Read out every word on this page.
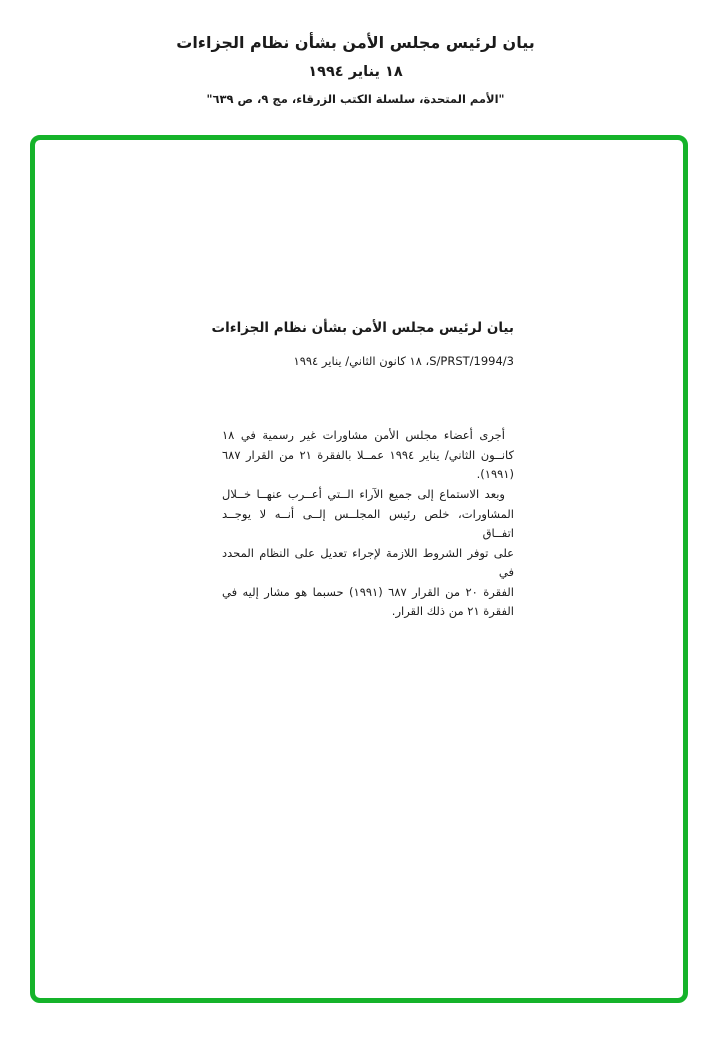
بيان لرئيس مجلس الأمن بشأن نظام الجزاءات
١٨ يناير ١٩٩٤
"الأمم المتحدة، سلسلة الكتب الزرقاء، مج ٩، ص ٦٣٩"
بيان لرئيس مجلس الأمن بشأن نظام الجزاءات
S/PRST/1994/3، ١٨ كانون الثاني/ يناير ١٩٩٤
أجرى أعضاء مجلس الأمن مشاورات غير رسمية في ١٨
كانــون الثاني/ يناير ١٩٩٤ عمــلا بالفقرة ٢١ من القرار ٦٨٧
(١٩٩١).
وبعد الاستماع إلى جميع الآراء الــتي أعــرب عنهــا خــلال
المشاورات، خلص رئيس المجلــس إلــى أنــه لا يوجــد اتفــاق
على توفر الشروط اللازمة لإجراء تعديل على النظام المحدد في
الفقرة ٢٠ من القرار ٦٨٧ (١٩٩١) حسبما هو مشار إليه في
الفقرة ٢١ من ذلك القرار.
